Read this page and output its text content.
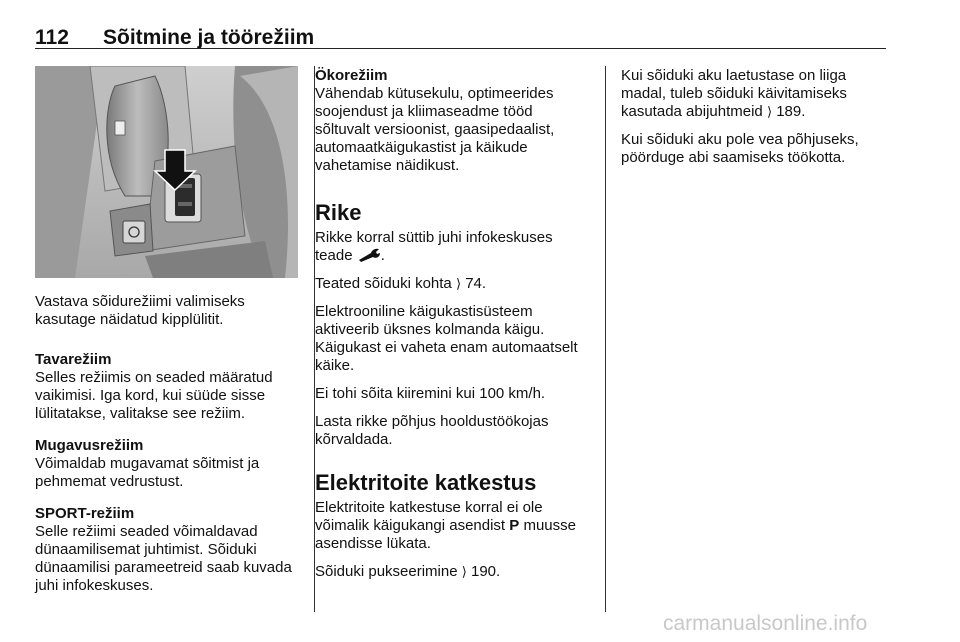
112 Sõitmine ja töörežiim

Vastava sõidurežiimi valimiseks kasutage näidatud kipplülitit.

Tavarežiim

Selles režiimis on seaded määratud vaikimisi. Iga kord, kui süüde sisse lülitatakse, valitakse see režiim.

Mugavusrežiim

Võimaldab mugavamat sõitmist ja pehmemat vedrustust.

SPORT-režiim

Selle režiimi seaded võimaldavad dünaamilisemat juhtimist. Sõiduki dünaamilisi parameetreid saab kuvada juhi infokeskuses.

Ökorežiim

Vähendab kütusekulu, optimeerides soojendust ja kliimaseadme tööd sõltuvalt versioonist, gaasipedaalist, automaatkäigukastist ja käikude vahetamise näidikust.

Rike

Rikke korral süttib juhi infokeskuses teade .

Teated sõiduki kohta ⟩ 74.

Elektrooniline käigukastisüsteem aktiveerib üksnes kolmanda käigu. Käigukast ei vaheta enam automaatselt käike.

Ei tohi sõita kiiremini kui 100 km/h.

Lasta rikke põhjus hooldustöökojas kõrvaldada.

Elektritoite katkestus

Elektritoite katkestuse korral ei ole võimalik käigukangi asendist P muusse asendisse lükata.

Sõiduki pukseerimine ⟩ 190.

Kui sõiduki aku laetustase on liiga madal, tuleb sõiduki käivitamiseks kasutada abijuhtmeid ⟩ 189.

Kui sõiduki aku pole vea põhjuseks, pöörduge abi saamiseks töökotta.

carmanualsonline.info
